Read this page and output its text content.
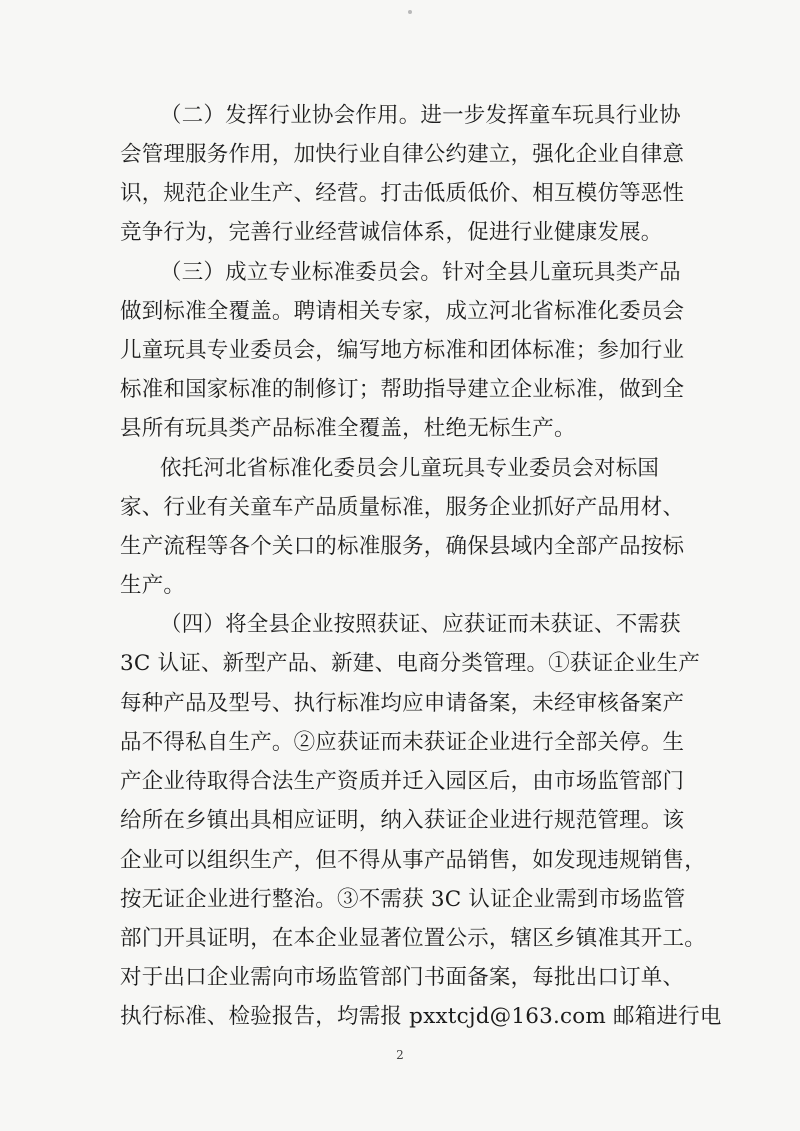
（二）发挥行业协会作用。进一步发挥童车玩具行业协
会管理服务作用，加快行业自律公约建立，强化企业自律意
识，规范企业生产、经营。打击低质低价、相互模仿等恶性
竞争行为，完善行业经营诚信体系，促进行业健康发展。
（三）成立专业标准委员会。针对全县儿童玩具类产品
做到标准全覆盖。聘请相关专家，成立河北省标准化委员会
儿童玩具专业委员会，编写地方标准和团体标准；参加行业
标准和国家标准的制修订；帮助指导建立企业标准，做到全
县所有玩具类产品标准全覆盖，杜绝无标生产。
依托河北省标准化委员会儿童玩具专业委员会对标国
家、行业有关童车产品质量标准，服务企业抓好产品用材、
生产流程等各个关口的标准服务，确保县域内全部产品按标
生产。
（四）将全县企业按照获证、应获证而未获证、不需获
3C 认证、新型产品、新建、电商分类管理。①获证企业生产
每种产品及型号、执行标准均应申请备案，未经审核备案产
品不得私自生产。②应获证而未获证企业进行全部关停。生
产企业待取得合法生产资质并迁入园区后，由市场监管部门
给所在乡镇出具相应证明，纳入获证企业进行规范管理。该
企业可以组织生产，但不得从事产品销售，如发现违规销售，
按无证企业进行整治。③不需获 3C 认证企业需到市场监管
部门开具证明，在本企业显著位置公示，辖区乡镇准其开工。
对于出口企业需向市场监管部门书面备案，每批出口订单、
执行标准、检验报告，均需报 pxxtcjd@163.com 邮箱进行电
2
